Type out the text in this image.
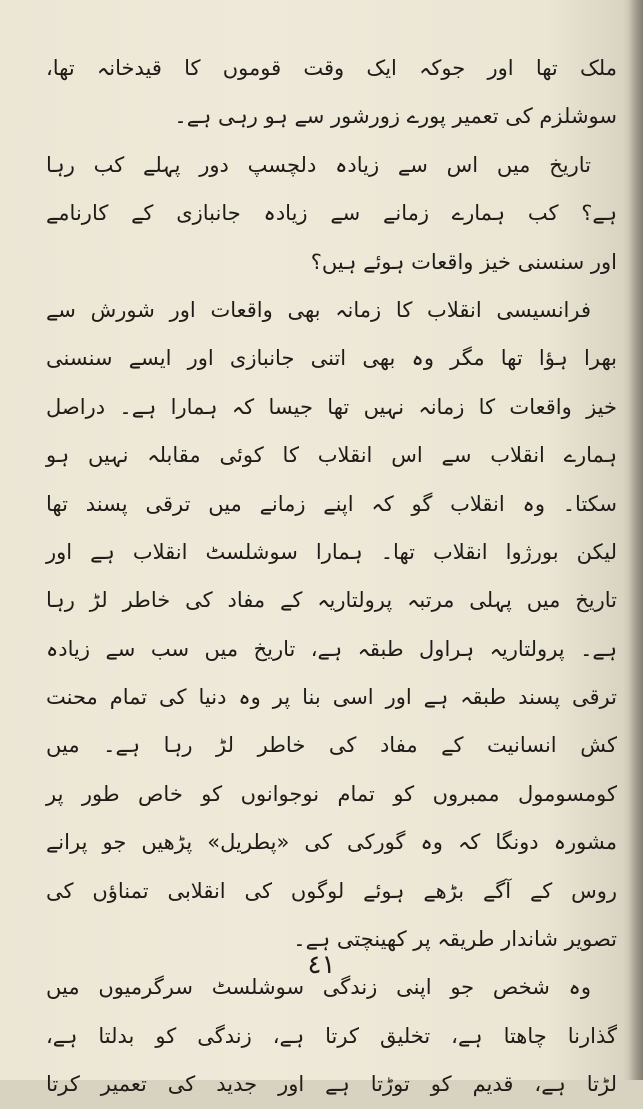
ملک تھا اور جوکہ ایک وقت قوموں کا قیدخانہ تھا،
سوشلزم کی تعمیر پورے زورشور سے ہو رہی ہے۔
تاریخ میں اس سے زیادہ دلچسپ دور پہلے کب رہا
ہے؟ کب ہمارے زمانے سے زیادہ جانبازی کے کارنامے
اور سنسنی خیز واقعات ہوئے ہیں؟
فرانسیسی انقلاب کا زمانہ بھی واقعات اور شورش سے
بھرا ہؤا تھا مگر وہ بھی اتنی جانبازی اور ایسے سنسنی
خیز واقعات کا زمانہ نہیں تھا جیسا کہ ہمارا ہے۔ دراصل
ہمارے انقلاب سے اس انقلاب کا کوئی مقابلہ نہیں ہو
سکتا۔ وہ انقلاب گو کہ اپنے زمانے میں ترقی پسند تھا
لیکن بورژوا انقلاب تھا۔ ہمارا سوشلسٹ انقلاب ہے اور
تاریخ میں پہلی مرتبہ پرولتاریہ کے مفاد کی خاطر لڑ رہا
ہے۔ پرولتاریہ ہراول طبقہ ہے، تاریخ میں سب سے زیادہ
ترقی پسند طبقہ ہے اور اسی بنا پر وہ دنیا کی تمام محنت
کش انسانیت کے مفاد کی خاطر لڑ رہا ہے۔ میں
کومسومول ممبروں کو تمام نوجوانوں کو خاص طور پر
مشورہ دونگا کہ وہ گورکی کی «پطریل» پڑھیں جو پرانے
روس کے آگے بڑھے ہوئے لوگوں کی انقلابی تمناؤں کی
تصویر شاندار طریقہ پر کھینچتی ہے۔
وہ شخص جو اپنی زندگی سوشلسٹ سرگرمیوں میں
گذارنا چاھتا ہے، تخلیق کرتا ہے، زندگی کو بدلتا ہے،
لڑتا ہے، قدیم کو توڑتا ہے اور جدید کی تعمیر کرتا
٤١
